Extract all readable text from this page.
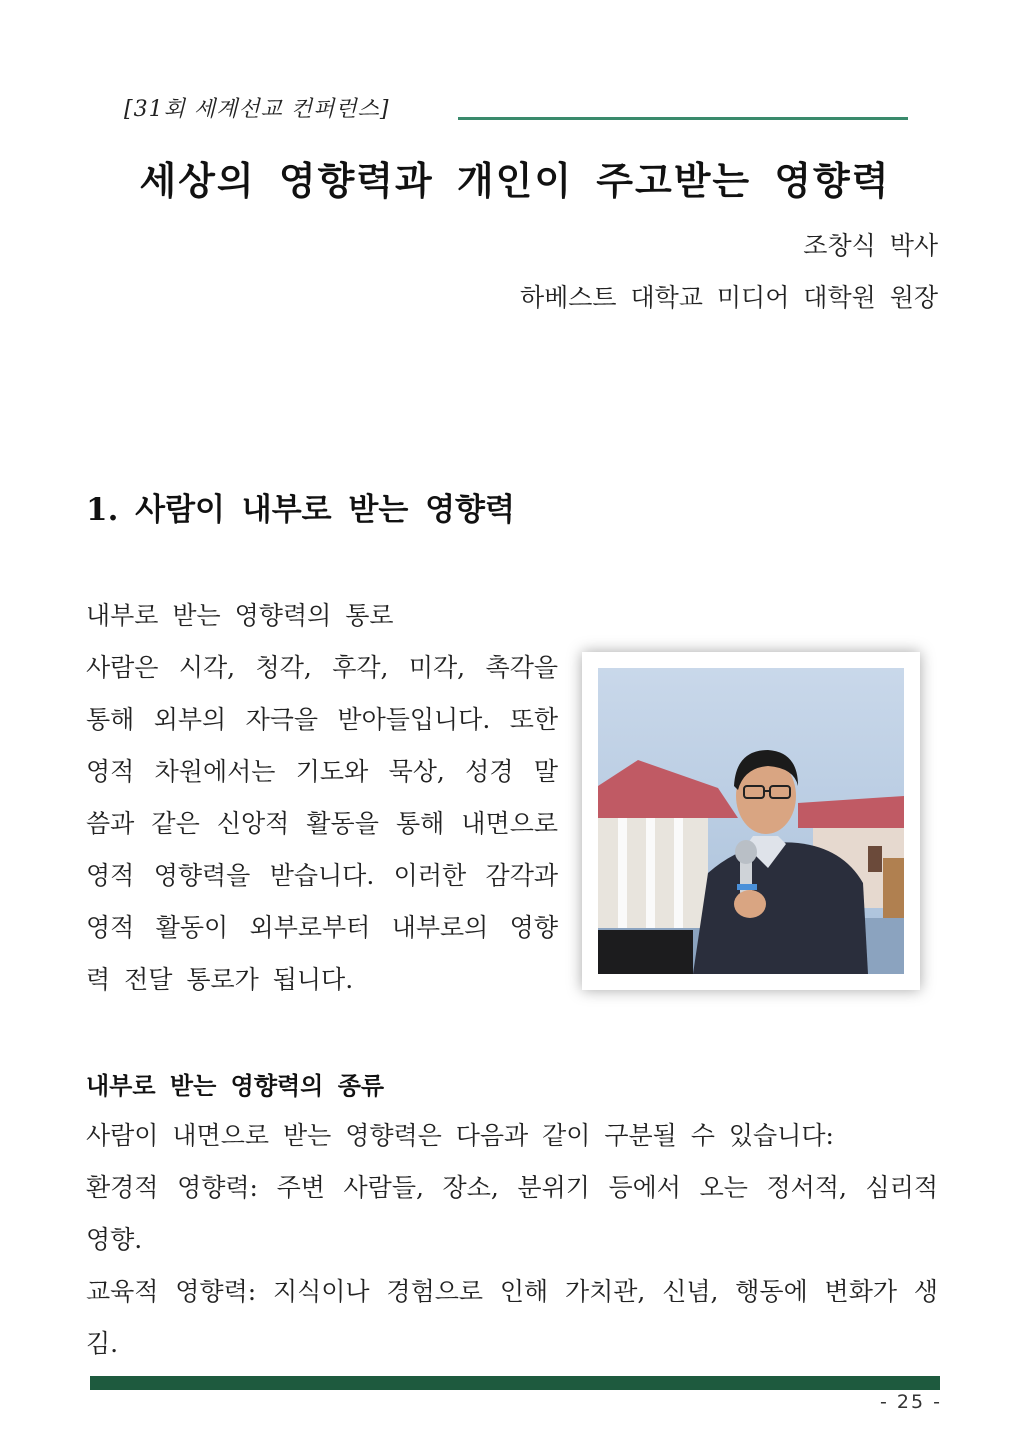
[31회 세계선교 컨퍼런스]
세상의 영향력과 개인이 주고받는 영향력
조창식 박사
하베스트 대학교 미디어 대학원 원장
1. 사람이 내부로 받는 영향력
내부로 받는 영향력의 통로
사람은 시각, 청각, 후각, 미각, 촉각을
통해 외부의 자극을 받아들입니다. 또한
영적 차원에서는 기도와 묵상, 성경 말
씀과 같은 신앙적 활동을 통해 내면으로
영적 영향력을 받습니다. 이러한 감각과
영적 활동이 외부로부터 내부로의 영향
력 전달 통로가 됩니다.
내부로 받는 영향력의 종류
사람이 내면으로 받는 영향력은 다음과 같이 구분될 수 있습니다:
환경적 영향력: 주변 사람들, 장소, 분위기 등에서 오는 정서적, 심리적
영향.
교육적 영향력: 지식이나 경험으로 인해 가치관, 신념, 행동에 변화가 생
김.
- 25 -
